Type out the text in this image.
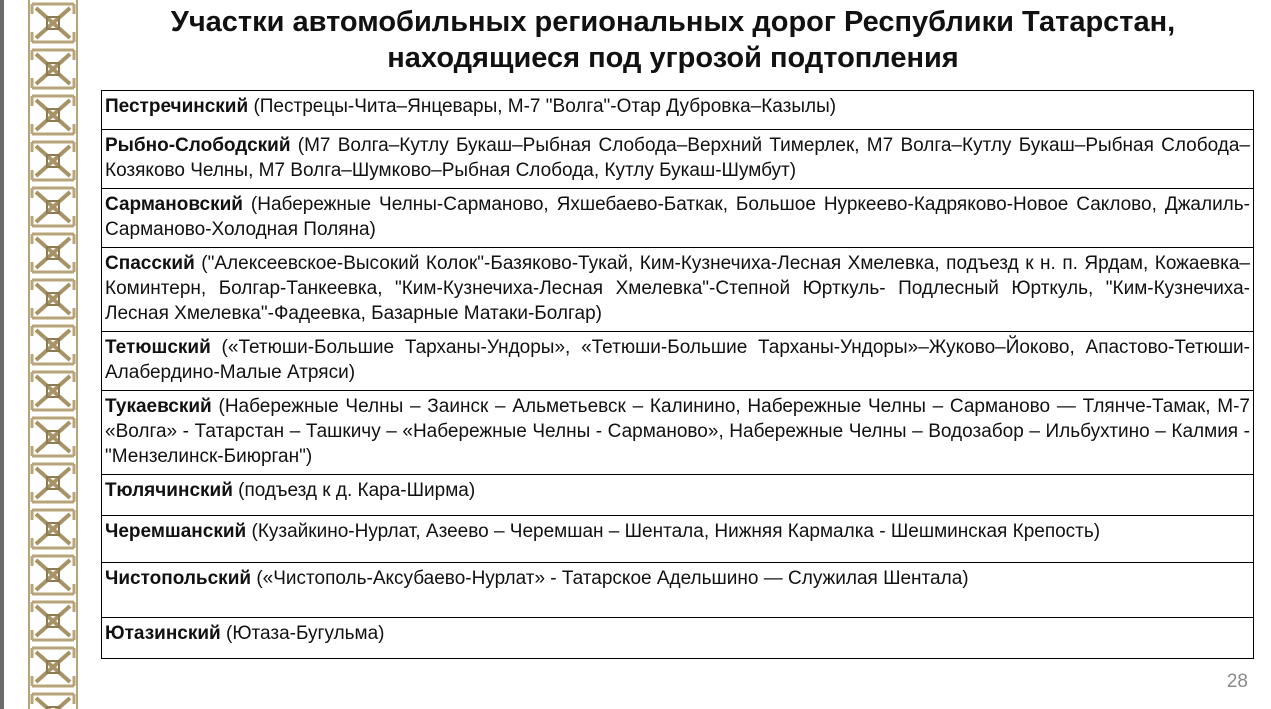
Участки автомобильных региональных дорог Республики Татарстан,
находящиеся под угрозой подтопления
Пестречинский (Пестрецы-Чита–Янцевары, М-7 "Волга"-Отар Дубровка–Казылы)
Рыбно-Слободский (М7 Волга–Кутлу Букаш–Рыбная Слобода–Верхний Тимерлек, М7 Волга–Кутлу Букаш–Рыбная Слобода–Козяково Челны, М7 Волга–Шумково–Рыбная Слобода, Кутлу Букаш-Шумбут)
Сармановский (Набережные Челны-Сарманово, Яхшебаево-Баткак, Большое Нуркеево-Кадряково-Новое Саклово, Джалиль-Сарманово-Холодная Поляна)
Спасский ("Алексеевское-Высокий Колок"-Базяково-Тукай, Ким-Кузнечиха-Лесная Хмелевка, подъезд к н. п. Ярдам, Кожаевка–Коминтерн, Болгар-Танкеевка, "Ким-Кузнечиха-Лесная Хмелевка"-Степной Юрткуль- Подлесный Юрткуль, "Ким-Кузнечиха-Лесная Хмелевка"-Фадеевка, Базарные Матаки-Болгар)
Тетюшский («Тетюши-Большие Тарханы-Ундоры», «Тетюши-Большие Тарханы-Ундоры»–Жуково–Йоково, Апастово-Тетюши-Алабердино-Малые Атряси)
Тукаевский (Набережные Челны – Заинск – Альметьевск – Калинино, Набережные Челны – Сарманово — Тлянче-Тамак, М-7 «Волга» - Татарстан – Ташкичу – «Набережные Челны - Сарманово», Набережные Челны – Водозабор – Ильбухтино – Калмия - "Мензелинск-Биюрган")
Тюлячинский (подъезд к д. Кара-Ширма)
Черемшанский (Кузайкино-Нурлат, Азеево – Черемшан – Шентала, Нижняя Кармалка - Шешминская Крепость)
Чистопольский («Чистополь-Аксубаево-Нурлат» - Татарское Адельшино — Служилая Шентала)
Ютазинский (Ютаза-Бугульма)
28
